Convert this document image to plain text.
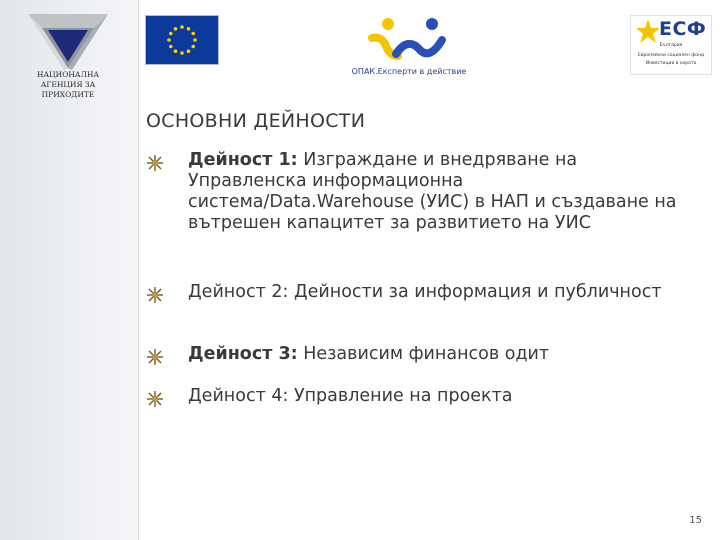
НАЦИОНАЛНА
АГЕНЦИЯ ЗА
ПРИХОДИТЕ
ОПАК.Експерти в действие
ЕСФ
България
Европейски социален фонд
Инвестиции в хората
ОСНОВНИ ДЕЙНОСТИ
Дейност 1: Изграждане и внедряване на Управленска информационна система/Data.Warehouse (УИС) в НАП и създаване на вътрешен капацитет за развитието на УИС
Дейност 2: Дейности за информация и публичност
Дейност 3: Независим финансов одит
Дейност 4: Управление на проекта
15
